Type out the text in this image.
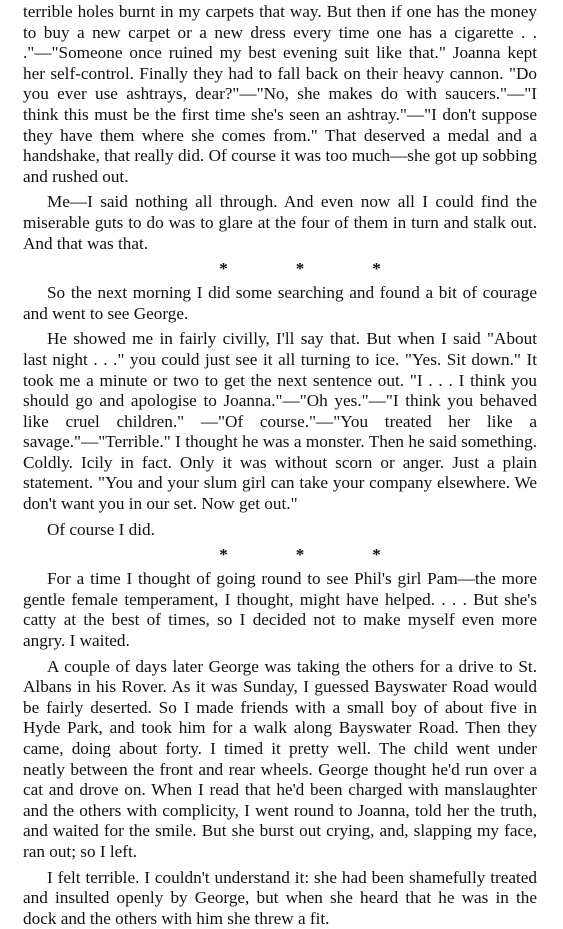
terrible holes burnt in my carpets that way. But then if one has the money to buy a new carpet or a new dress every time one has a cigarette . . ."—"Someone once ruined my best evening suit like that." Joanna kept her self-control. Finally they had to fall back on their heavy cannon. "Do you ever use ashtrays, dear?"—"No, she makes do with saucers."—"I think this must be the first time she's seen an ashtray."—"I don't suppose they have them where she comes from." That deserved a medal and a handshake, that really did. Of course it was too much—she got up sobbing and rushed out.

Me—I said nothing all through. And even now all I could find the miserable guts to do was to glare at the four of them in turn and stalk out. And that was that.

*	*	*

So the next morning I did some searching and found a bit of courage and went to see George.

He showed me in fairly civilly, I'll say that. But when I said "About last night . . ." you could just see it all turning to ice. "Yes. Sit down." It took me a minute or two to get the next sentence out. "I . . . I think you should go and apologise to Joanna."—"Oh yes."—"I think you behaved like cruel children." —"Of course."—"You treated her like a savage."—"Terrible." I thought he was a monster. Then he said something. Coldly. Icily in fact. Only it was without scorn or anger. Just a plain statement. "You and your slum girl can take your company elsewhere. We don't want you in our set. Now get out."

Of course I did.

*	*	*

For a time I thought of going round to see Phil's girl Pam—the more gentle female temperament, I thought, might have helped. . . . But she's catty at the best of times, so I decided not to make myself even more angry. I waited.

A couple of days later George was taking the others for a drive to St. Albans in his Rover. As it was Sunday, I guessed Bayswater Road would be fairly deserted. So I made friends with a small boy of about five in Hyde Park, and took him for a walk along Bayswater Road. Then they came, doing about forty. I timed it pretty well. The child went under neatly between the front and rear wheels. George thought he'd run over a cat and drove on. When I read that he'd been charged with manslaughter and the others with complicity, I went round to Joanna, told her the truth, and waited for the smile. But she burst out crying, and, slapping my face, ran out; so I left.

I felt terrible. I couldn't understand it: she had been shamefully treated and insulted openly by George, but when she heard that he was in the dock and the others with him she threw a fit.
